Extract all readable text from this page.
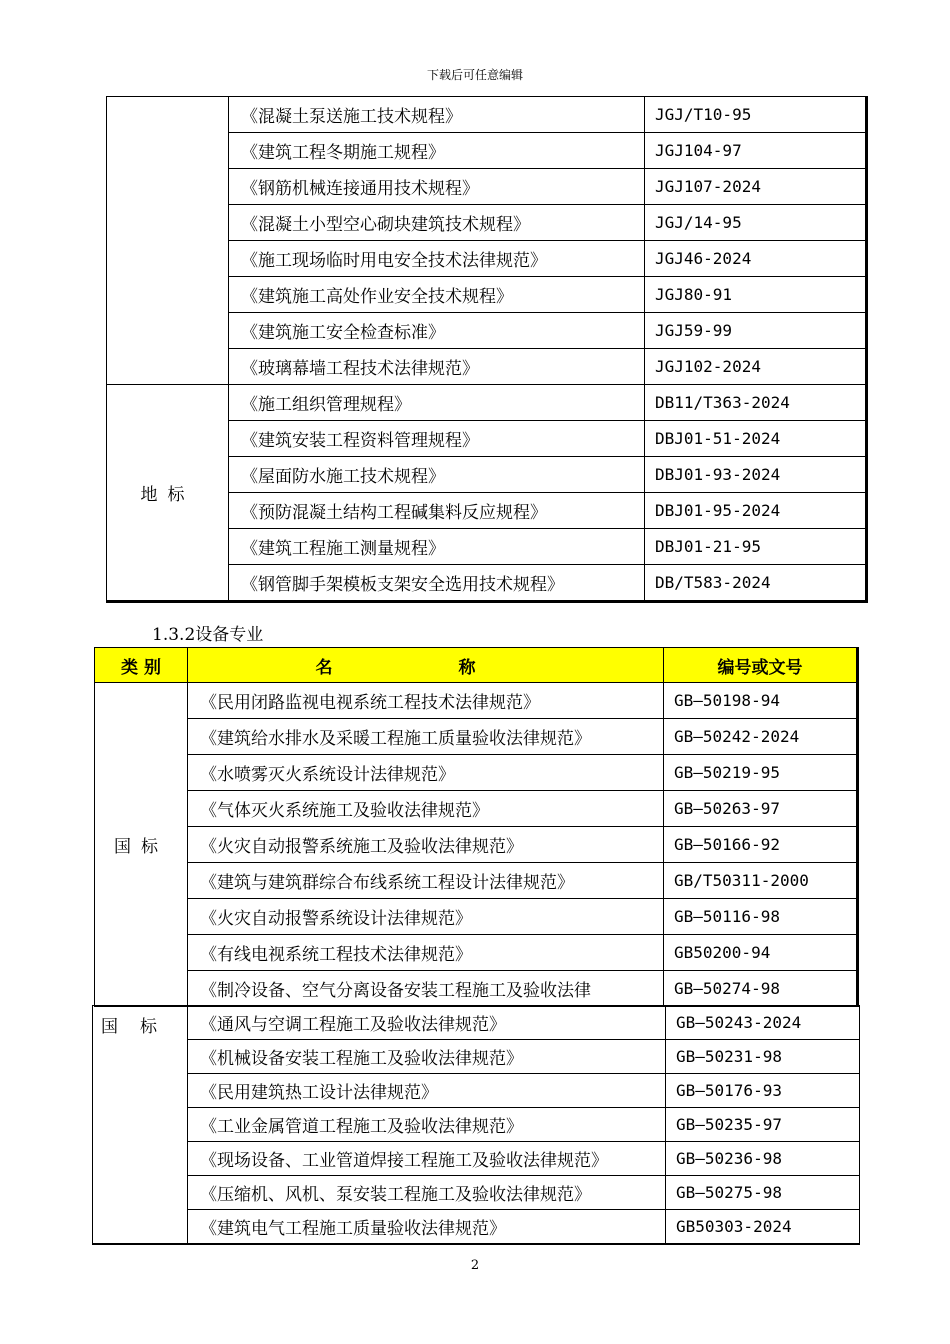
下载后可任意编辑
	《混凝土泵送施工技术规程》	JGJ/T10-95
	《建筑工程冬期施工规程》	JGJ104-97
	《钢筋机械连接通用技术规程》	JGJ107-2024
	《混凝土小型空心砌块建筑技术规程》	JGJ/14-95
	《施工现场临时用电安全技术法律规范》	JGJ46-2024
	《建筑施工高处作业安全技术规程》	JGJ80-91
	《建筑施工安全检查标准》	JGJ59-99
	《玻璃幕墙工程技术法律规范》	JGJ102-2024
地标	《施工组织管理规程》	DB11/T363-2024
	《建筑安装工程资料管理规程》	DBJ01-51-2024
	《屋面防水施工技术规程》	DBJ01-93-2024
	《预防混凝土结构工程碱集料反应规程》	DBJ01-95-2024
	《建筑工程施工测量规程》	DBJ01-21-95
	《钢管脚手架模板支架安全选用技术规程》	DB/T583-2024
1.3.2设备专业
类 别	名 称	编号或文号
国标	《民用闭路监视电视系统工程技术法律规范》	GB–50198-94
	《建筑给水排水及采暖工程施工质量验收法律规范》	GB–50242-2024
	《水喷雾灭火系统设计法律规范》	GB–50219-95
	《气体灭火系统施工及验收法律规范》	GB–50263-97
	《火灾自动报警系统施工及验收法律规范》	GB–50166-92
	《建筑与建筑群综合布线系统工程设计法律规范》	GB/T50311-2000
	《火灾自动报警系统设计法律规范》	GB–50116-98
	《有线电视系统工程技术法律规范》	GB50200-94
	《制冷设备、空气分离设备安装工程施工及验收法律	GB–50274-98
国标	《通风与空调工程施工及验收法律规范》	GB–50243-2024
	《机械设备安装工程施工及验收法律规范》	GB–50231-98
	《民用建筑热工设计法律规范》	GB–50176-93
	《工业金属管道工程施工及验收法律规范》	GB–50235-97
	《现场设备、工业管道焊接工程施工及验收法律规范》	GB–50236-98
	《压缩机、风机、泵安装工程施工及验收法律规范》	GB–50275-98
	《建筑电气工程施工质量验收法律规范》	GB50303-2024
2
